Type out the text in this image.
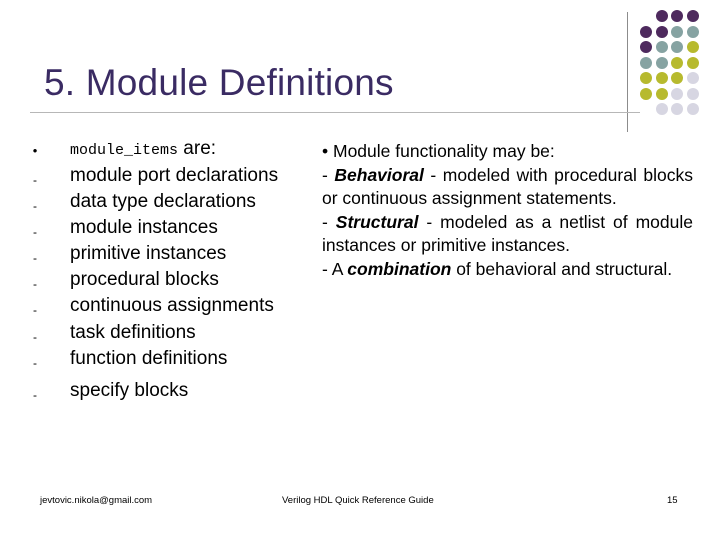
5. Module Definitions
•	module_items are:
- module port declarations
- data type declarations
- module instances
- primitive instances
- procedural blocks
- continuous assignments
- task definitions
- function definitions
- specify blocks

• Module functionality may be:

- Behavioral - modeled with procedural blocks or continuous assignment statements.

- Structural - modeled as a netlist of module instances or primitive instances.

- A combination of behavioral and structural.

jevtovic.nikola@gmail.com	Verilog HDL Quick Reference Guide	15
